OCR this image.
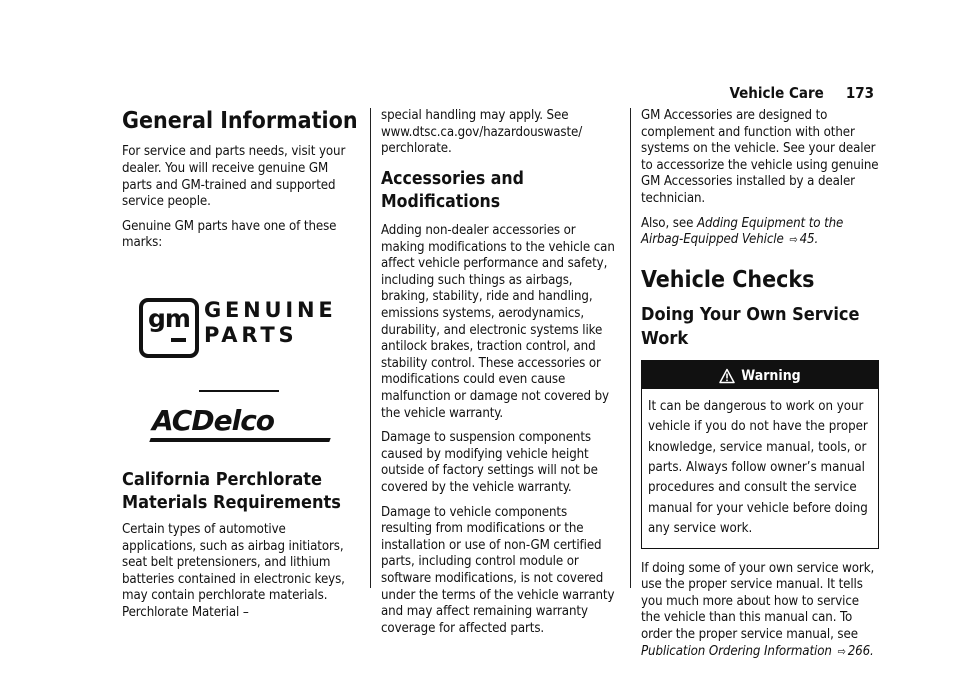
Vehicle Care 173
General Information

For service and parts needs, visit your dealer. You will receive genuine GM parts and GM-trained and supported service people.

Genuine GM parts have one of these marks:

gm GENUINE
PARTS
ACDelco
California Perchlorate Materials Requirements

Certain types of automotive applications, such as airbag initiators, seat belt pretensioners, and lithium batteries contained in electronic keys, may contain perchlorate materials. Perchlorate Material –

special handling may apply. See www.dtsc.ca.gov/hazardouswaste/ perchlorate.

Accessories and Modifications

Adding non-dealer accessories or making modifications to the vehicle can affect vehicle performance and safety, including such things as airbags, braking, stability, ride and handling, emissions systems, aerodynamics, durability, and electronic systems like antilock brakes, traction control, and stability control. These accessories or modifications could even cause malfunction or damage not covered by the vehicle warranty.

Damage to suspension components caused by modifying vehicle height outside of factory settings will not be covered by the vehicle warranty.

Damage to vehicle components resulting from modifications or the installation or use of non-GM certified parts, including control module or software modifications, is not covered under the terms of the vehicle warranty and may affect remaining warranty coverage for affected parts.

GM Accessories are designed to complement and function with other systems on the vehicle. See your dealer to accessorize the vehicle using genuine GM Accessories installed by a dealer technician.

Also, see Adding Equipment to the Airbag-Equipped Vehicle ⇨ 45.

Vehicle Checks
Doing Your Own Service Work
Warning
It can be dangerous to work on your vehicle if you do not have the proper knowledge, service manual, tools, or parts. Always follow owner’s manual procedures and consult the service manual for your vehicle before doing any service work.

If doing some of your own service work, use the proper service manual. It tells you much more about how to service the vehicle than this manual can. To order the proper service manual, see Publication Ordering Information ⇨ 266.
